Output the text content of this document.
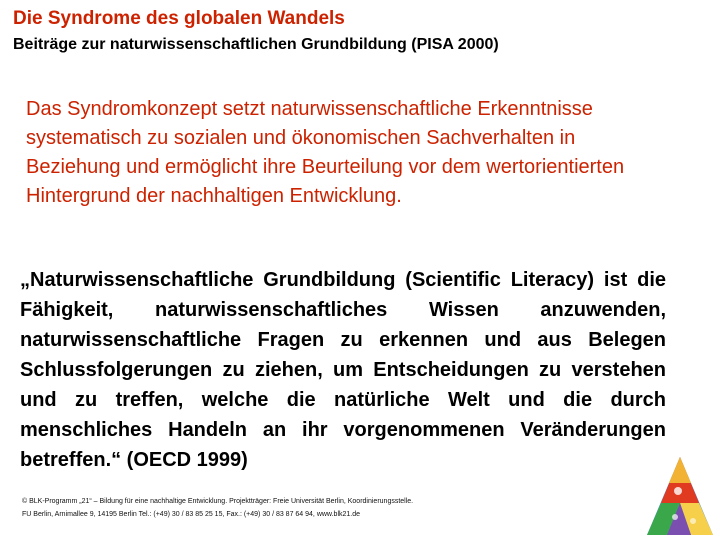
Die Syndrome des globalen Wandels
Beiträge zur naturwissenschaftlichen Grundbildung (PISA 2000)
Das Syndromkonzept setzt naturwissenschaftliche Erkenntnisse systematisch zu sozialen und ökonomischen Sachverhalten in Beziehung und ermöglicht ihre Beurteilung vor dem wertorientierten Hintergrund der nachhaltigen Entwicklung.
„Naturwissenschaftliche Grundbildung (Scientific Literacy) ist die Fähigkeit, naturwissenschaftliches Wissen anzuwenden, naturwissenschaftliche Fragen zu erkennen und aus Belegen Schlussfolgerungen zu ziehen, um Entscheidungen zu verstehen und zu treffen, welche die natürliche Welt und die durch menschliches Handeln an ihr vorgenommenen Veränderungen betreffen.“ (OECD 1999)
© BLK-Programm „21“ – Bildung für eine nachhaltige Entwicklung. Projektträger: Freie Universität Berlin, Koordinierungsstelle.
FU Berlin, Arnimallee 9, 14195 Berlin Tel.: (+49) 30 / 83 85 25 15, Fax.: (+49) 30 / 83 87 64 94, www.blk21.de
